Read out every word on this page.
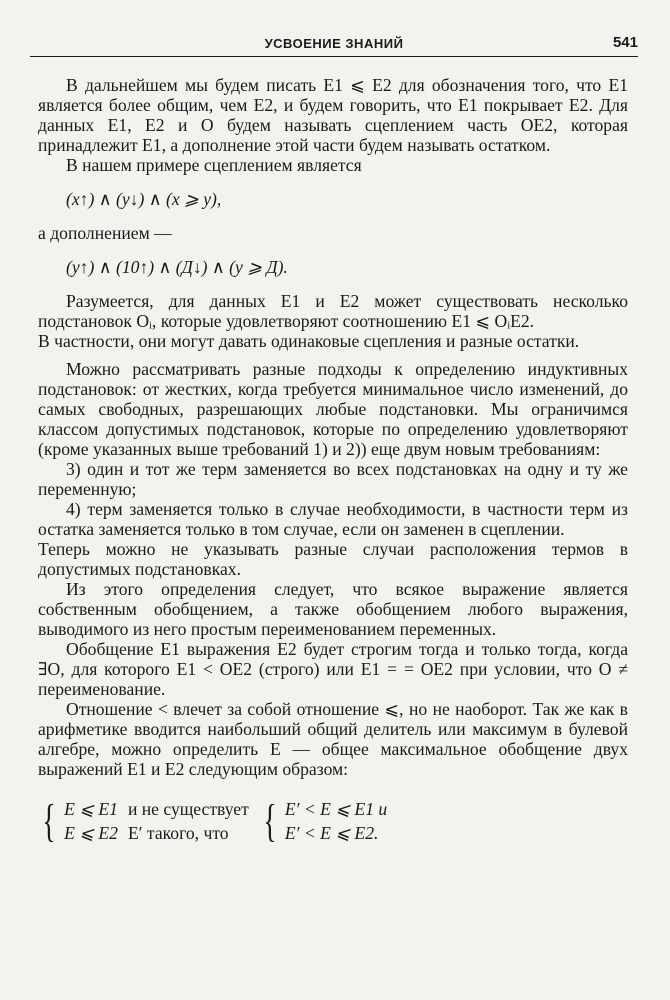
УСВОЕНИЕ ЗНАНИЙ	541

В дальнейшем мы будем писать E1 ⩽ E2 для обозначения того, что E1 является более общим, чем E2, и будем говорить, что E1 покрывает E2. Для данных E1, E2 и O будем называть сцеплением часть OE2, которая принадлежит E1, а дополнение этой части будем называть остатком.

В нашем примере сцеплением является

(x↑) ∧ (y↓) ∧ (x ⩾ y),

а дополнением —

(y↑) ∧ (10↑) ∧ (Д↓) ∧ (y ⩾ Д).

Разумеется, для данных E1 и E2 может существовать несколько подстановок Oᵢ, которые удовлетворяют соотношению E1 ⩽ OᵢE2.

В частности, они могут давать одинаковые сцепления и разные остатки.

Можно рассматривать разные подходы к определению индуктивных подстановок: от жестких, когда требуется минимальное число изменений, до самых свободных, разрешающих любые подстановки. Мы ограничимся классом допустимых подстановок, которые по определению удовлетворяют (кроме указанных выше требований 1) и 2)) еще двум новым требованиям:

3) один и тот же терм заменяется во всех подстановках на одну и ту же переменную;

4) терм заменяется только в случае необходимости, в частности терм из остатка заменяется только в том случае, если он заменен в сцеплении.

Теперь можно не указывать разные случаи расположения термов в допустимых подстановках.

Из этого определения следует, что всякое выражение является собственным обобщением, а также обобщением любого выражения, выводимого из него простым переименованием переменных.

Обобщение E1 выражения E2 будет строгим тогда и только тогда, когда ∃O, для которого E1 < OE2 (строго) или E1 = = OE2 при условии, что O ≠ переименование.

Отношение < влечет за собой отношение ⩽, но не наоборот. Так же как в арифметике вводится наибольший общий делитель или максимум в булевой алгебре, можно определить E — общее максимальное обобщение двух выражений E1 и E2 следующим образом:

{ E ⩽ E1
E ⩽ E2
и не существует
E′ такого, что { E′ < E ⩽ E1 и
E′ < E ⩽ E2.
